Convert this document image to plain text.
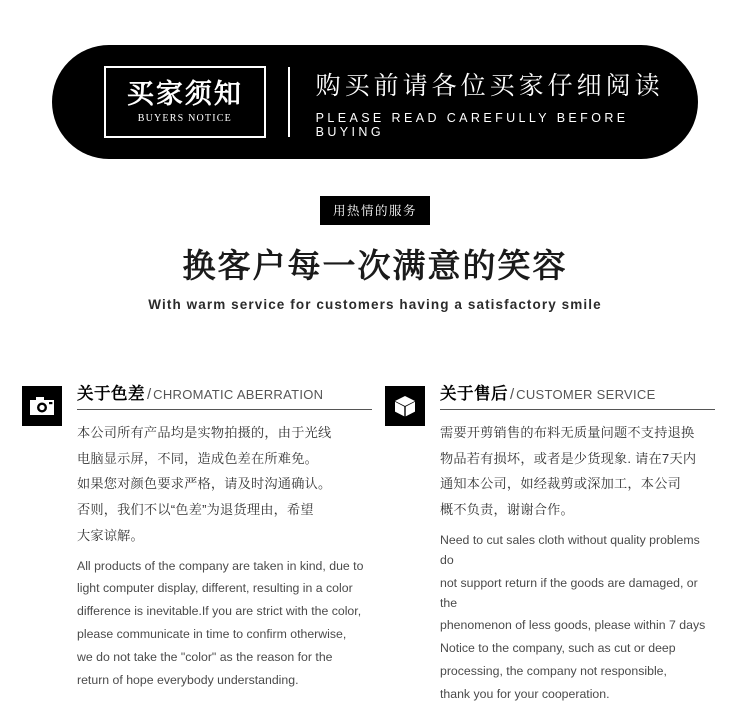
买家须知
BUYERS NOTICE
购买前请各位买家仔细阅读
PLEASE READ CAREFULLY BEFORE BUYING
用热情的服务
换客户每一次满意的笑容
With warm service for customers having a satisfactory smile
关于色差 / CHROMATIC ABERRATION

本公司所有产品均是实物拍摄的，由于光线

电脑显示屏，不同，造成色差在所难免。

如果您对颜色要求严格，请及时沟通确认。

否则，我们不以“色差”为退货理由，希望

大家谅解。

All products of the company are taken in kind, due to

light computer display, different, resulting in a color

difference is inevitable.If you are strict with the color,

please communicate in time to confirm otherwise,

we do not take the "color" as the reason for the

return of hope everybody understanding.

关于售后 / CUSTOMER SERVICE

需要开剪销售的布料无质量问题不支持退换

物品若有损坏，或者是少货现象. 请在7天内

通知本公司，如经裁剪或深加工，本公司

概不负责，谢谢合作。

Need to cut sales cloth without quality problems do

not support return if the goods are damaged, or the

phenomenon of less goods, please within 7 days

Notice to the company, such as cut or deep

processing, the company not responsible,

thank you for your cooperation.
